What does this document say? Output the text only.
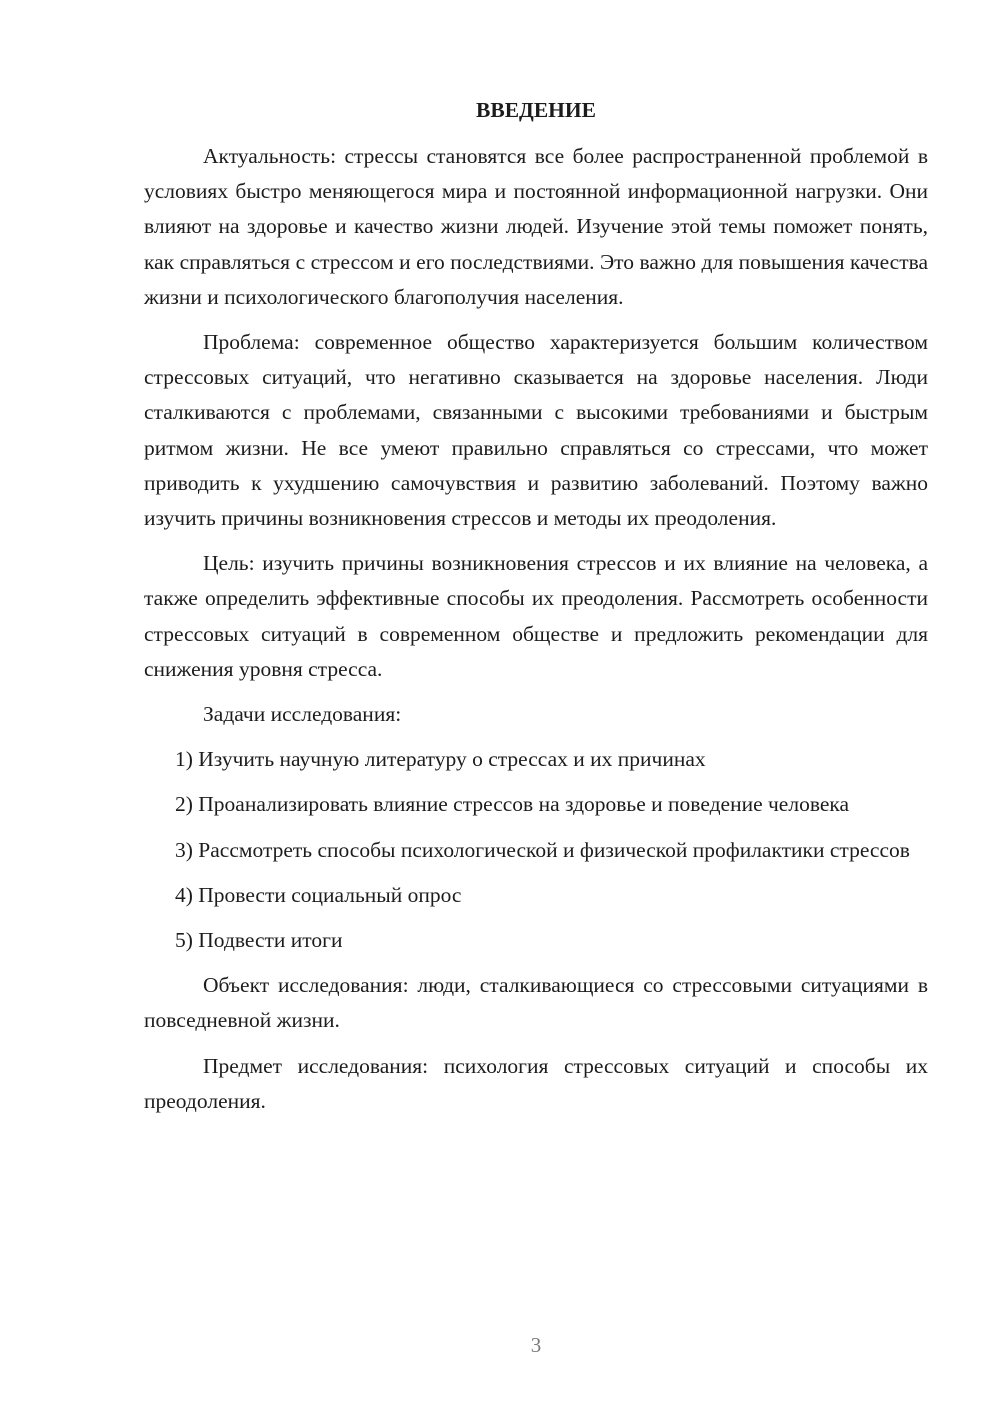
ВВЕДЕНИЕ

Актуальность: стрессы становятся все более распространенной проблемой в условиях быстро меняющегося мира и постоянной информационной нагрузки. Они влияют на здоровье и качество жизни людей. Изучение этой темы поможет понять, как справляться с стрессом и его последствиями. Это важно для повышения качества жизни и психологического благополучия населения.

Проблема: современное общество характеризуется большим количеством стрессовых ситуаций, что негативно сказывается на здоровье населения. Люди сталкиваются с проблемами, связанными с высокими требованиями и быстрым ритмом жизни. Не все умеют правильно справляться со стрессами, что может приводить к ухудшению самочувствия и развитию заболеваний. Поэтому важно изучить причины возникновения стрессов и методы их преодоления.

Цель: изучить причины возникновения стрессов и их влияние на человека, а также определить эффективные способы их преодоления. Рассмотреть особенности стрессовых ситуаций в современном обществе и предложить рекомендации для снижения уровня стресса.

Задачи исследования:

1) Изучить научную литературу о стрессах и их причинах

2) Проанализировать влияние стрессов на здоровье и поведение человека

3) Рассмотреть способы психологической и физической профилактики стрессов

4) Провести социальный опрос

5) Подвести итоги

Объект исследования: люди, сталкивающиеся со стрессовыми ситуациями в повседневной жизни.

Предмет исследования: психология стрессовых ситуаций и способы их преодоления.

3
